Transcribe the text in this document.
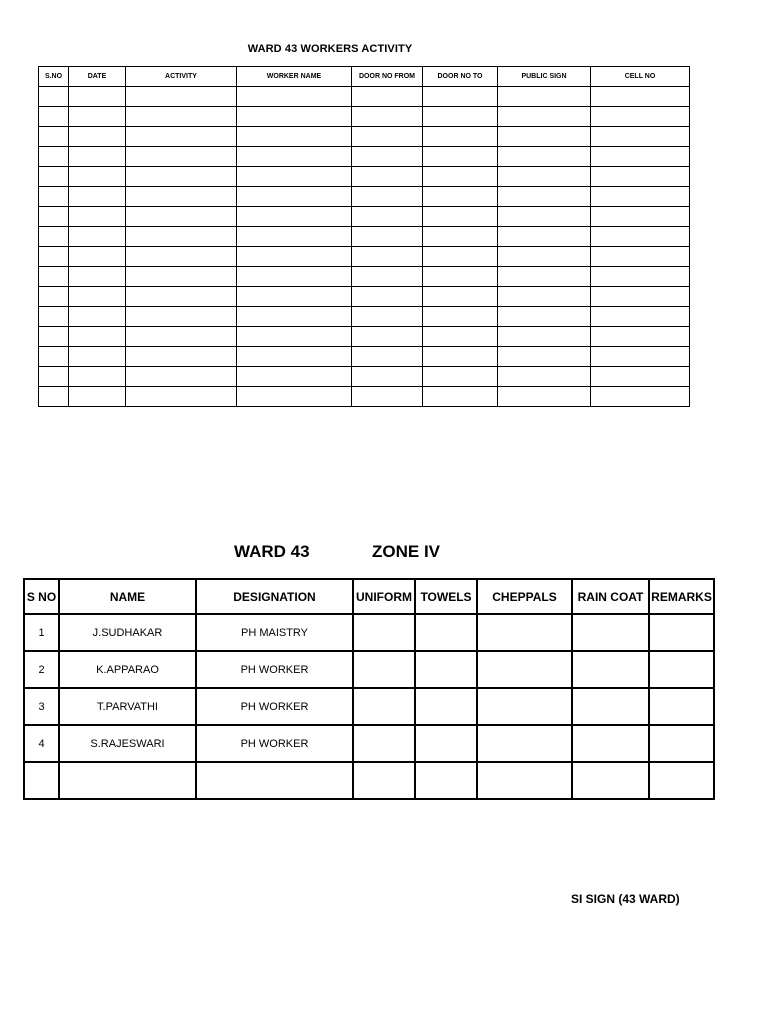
WARD 43 WORKERS ACTIVITY
S.NO	DATE	ACTIVITY	WORKER NAME	DOOR NO FROM	DOOR NO TO	PUBLIC SIGN	CELL NO

WARD 43	ZONE IV
S NO	NAME	DESIGNATION	UNIFORM	TOWELS	CHEPPALS	RAIN COAT	REMARKS
1	J.SUDHAKAR	PH MAISTRY					
2	K.APPARAO	PH WORKER					
3	T.PARVATHI	PH WORKER					
4	S.RAJESWARI	PH WORKER					

SI SIGN (43 WARD)
